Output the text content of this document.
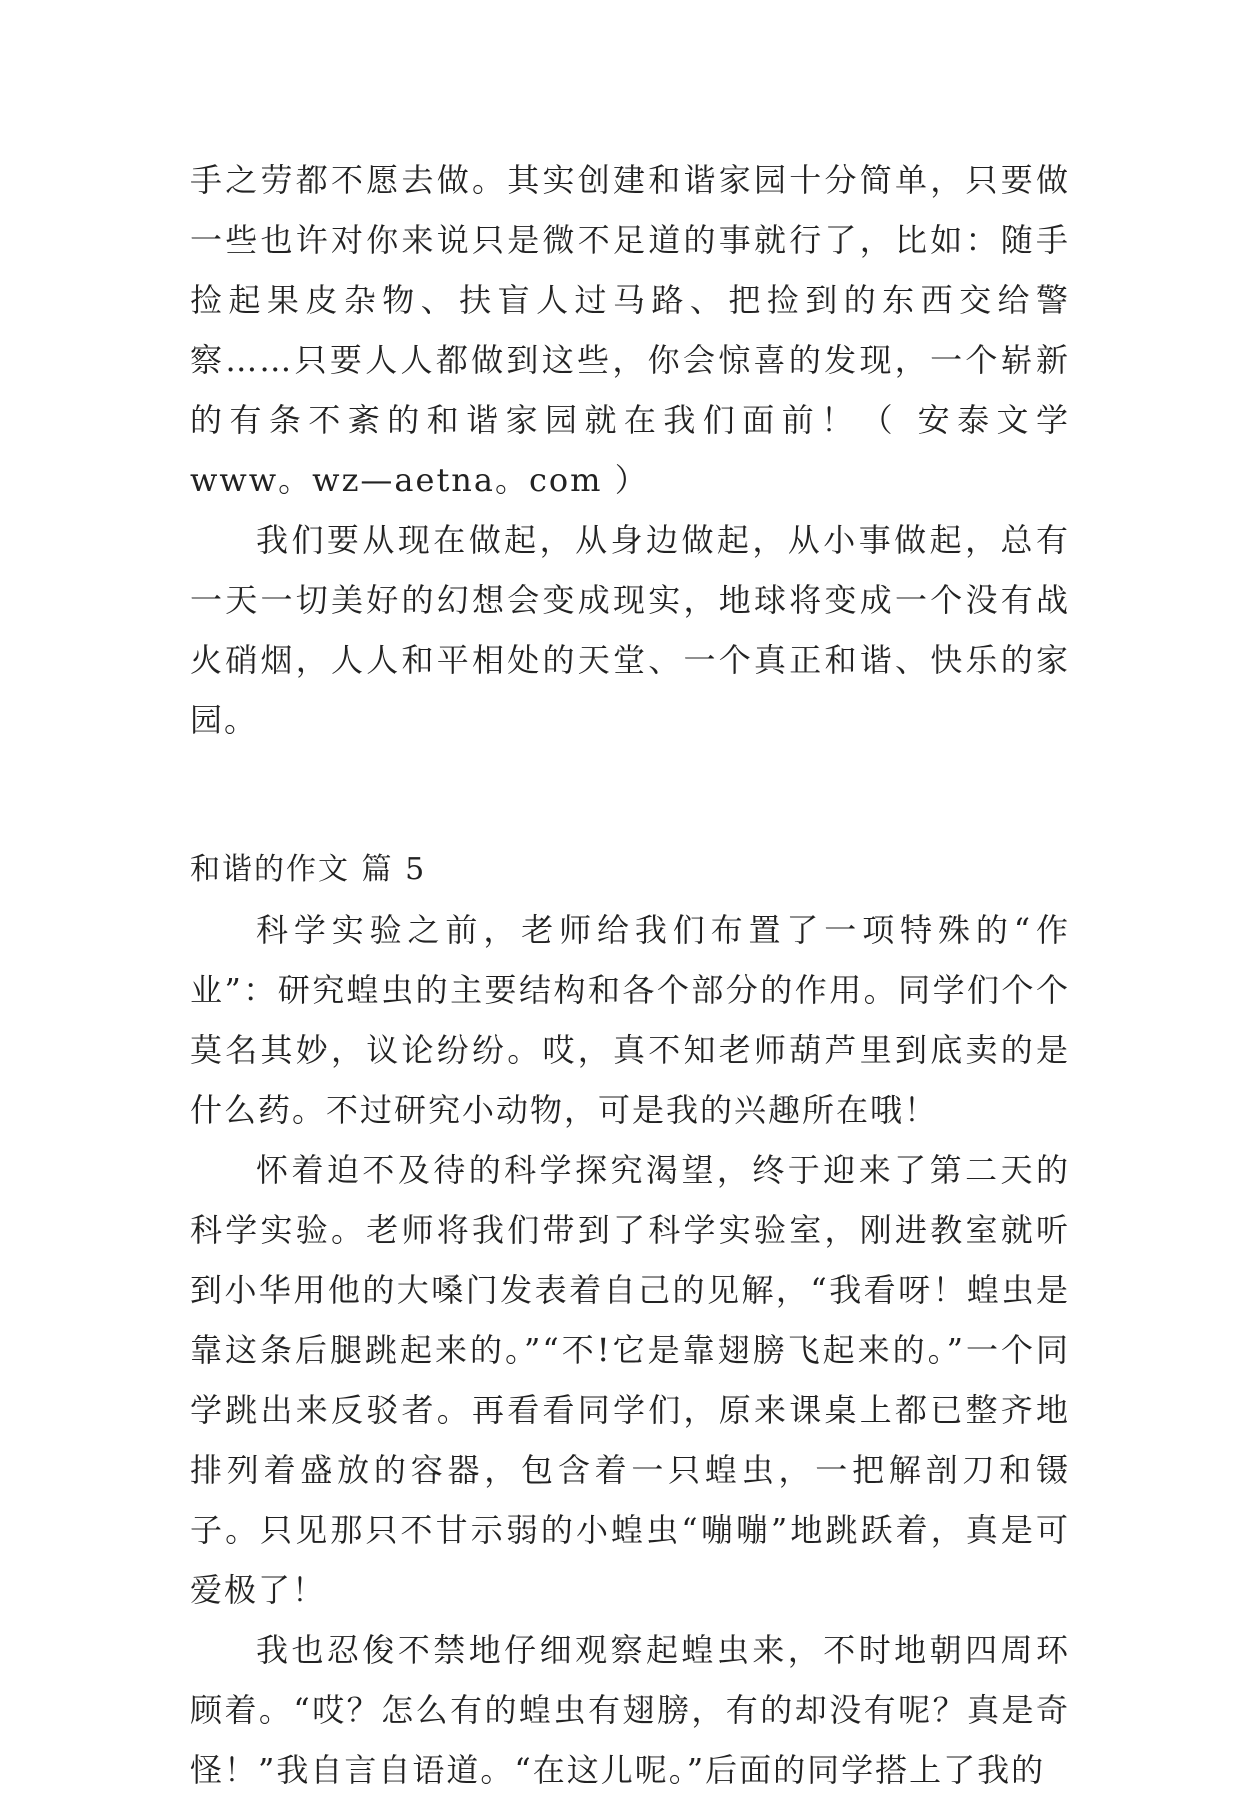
手之劳都不愿去做。其实创建和谐家园十分简单，只要做一些也许对你来说只是微不足道的事就行了，比如：随手捡起果皮杂物、扶盲人过马路、把捡到的东西交给警察……只要人人都做到这些，你会惊喜的发现，一个崭新的有条不紊的和谐家园就在我们面前！（ 安泰文学 www。wz—aetna。com ）

我们要从现在做起，从身边做起，从小事做起，总有一天一切美好的幻想会变成现实，地球将变成一个没有战火硝烟，人人和平相处的天堂、一个真正和谐、快乐的家园。

和谐的作文 篇 5

科学实验之前，老师给我们布置了一项特殊的“作业”：研究蝗虫的主要结构和各个部分的作用。同学们个个莫名其妙，议论纷纷。哎，真不知老师葫芦里到底卖的是什么药。不过研究小动物，可是我的兴趣所在哦！

怀着迫不及待的科学探究渴望，终于迎来了第二天的科学实验。老师将我们带到了科学实验室，刚进教室就听到小华用他的大嗓门发表着自己的见解，“我看呀！蝗虫是靠这条后腿跳起来的。”“不!它是靠翅膀飞起来的。”一个同学跳出来反驳者。再看看同学们，原来课桌上都已整齐地排列着盛放的容器，包含着一只蝗虫，一把解剖刀和镊子。只见那只不甘示弱的小蝗虫“嘣嘣”地跳跃着，真是可爱极了！

我也忍俊不禁地仔细观察起蝗虫来，不时地朝四周环顾着。“哎？怎么有的蝗虫有翅膀，有的却没有呢？真是奇怪！”我自言自语道。“在这儿呢。”后面的同学搭上了我的
